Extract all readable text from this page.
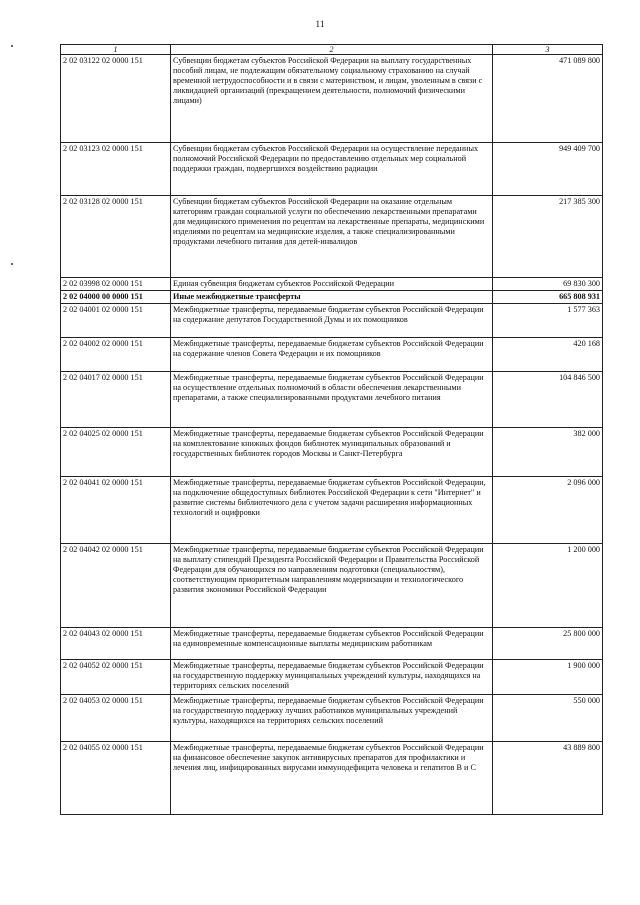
11
1	2	3
2 02 03122 02 0000 151	Субвенции бюджетам субъектов Российской Федерации на выплату государственных пособий лицам, не подлежащим обязательному социальному страхованию на случай временной нетрудоспособности и в связи с материнством, и лицам, уволенным в связи с ликвидацией организаций (прекращением деятельности, полномочий физическими лицами)	471 089 800
2 02 03123 02 0000 151	Субвенции бюджетам субъектов Российской Федерации на осуществление переданных полномочий Российской Федерации по предоставлению отдельных мер социальной поддержки граждан, подвергшихся воздействию радиации	949 409 700
2 02 03128 02 0000 151	Субвенции бюджетам субъектов Российской Федерации на оказание отдельным категориям граждан социальной услуги по обеспечению лекарственными препаратами для медицинского применения по рецептам на лекарственные препараты, медицинскими изделиями по рецептам на медицинские изделия, а также специализированными продуктами лечебного питания для детей-инвалидов	217 385 300
2 02 03998 02 0000 151	Единая субвенция бюджетам субъектов Российской Федерации	69 830 300
2 02 04000 00 0000 151	Иные межбюджетные трансферты	665 808 931
2 02 04001 02 0000 151	Межбюджетные трансферты, передаваемые бюджетам субъектов Российской Федерации на содержание депутатов Государственной Думы и их помощников	1 577 363
2 02 04002 02 0000 151	Межбюджетные трансферты, передаваемые бюджетам субъектов Российской Федерации на содержание членов Совета Федерации и их помощников	420 168
2 02 04017 02 0000 151	Межбюджетные трансферты, передаваемые бюджетам субъектов Российской Федерации на осуществление отдельных полномочий в области обеспечения лекарственными препаратами, а также специализированными продуктами лечебного питания	104 846 500
2 02 04025 02 0000 151	Межбюджетные трансферты, передаваемые бюджетам субъектов Российской Федерации на комплектование книжных фондов библиотек муниципальных образований и государственных библиотек городов Москвы и Санкт-Петербурга	382 000
2 02 04041 02 0000 151	Межбюджетные трансферты, передаваемые бюджетам субъектов Российской Федерации, на подключение общедоступных библиотек Российской Федерации к сети "Интернет" и развитие системы библиотечного дела с учетом задачи расширения информационных технологий и оцифровки	2 096 000
2 02 04042 02 0000 151	Межбюджетные трансферты, передаваемые бюджетам субъектов Российской Федерации на выплату стипендий Президента Российской Федерации и Правительства Российской Федерации для обучающихся по направлениям подготовки (специальностям), соответствующим приоритетным направлениям модернизации и технологического развития экономики Российской Федерации	1 200 000
2 02 04043 02 0000 151	Межбюджетные трансферты, передаваемые бюджетам субъектов Российской Федерации на единовременные компенсационные выплаты медицинским работникам	25 800 000
2 02 04052 02 0000 151	Межбюджетные трансферты, передаваемые бюджетам субъектов Российской Федерации на государственную поддержку муниципальных учреждений культуры, находящихся на территориях сельских поселений	1 900 000
2 02 04053 02 0000 151	Межбюджетные трансферты, передаваемые бюджетам субъектов Российской Федерации на государственную поддержку лучших работников муниципальных учреждений культуры, находящихся на территориях сельских поселений	550 000
2 02 04055 02 0000 151	Межбюджетные трансферты, передаваемые бюджетам субъектов Российской Федерации на финансовое обеспечение закупок антивирусных препаратов для профилактики и лечения лиц, инфицированных вирусами иммунодефицита человека и гепатитов В и С	43 889 800
